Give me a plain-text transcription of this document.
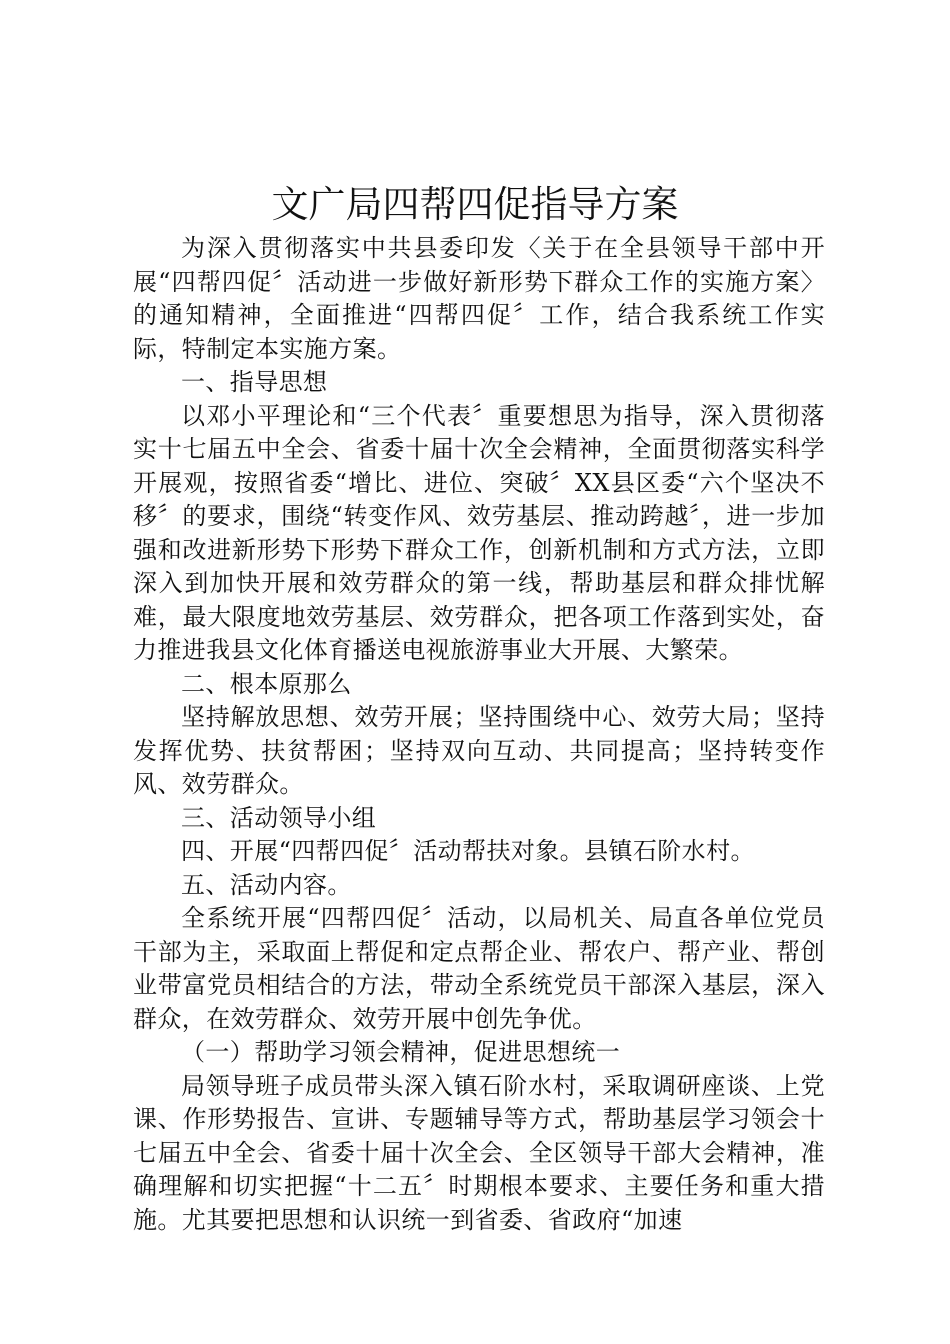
文广局四帮四促指导方案

为深入贯彻落实中共县委印发〈关于在全县领导干部中开展“四帮四促〞活动进一步做好新形势下群众工作的实施方案〉的通知精神，全面推进“四帮四促〞工作，结合我系统工作实际，特制定本实施方案。

一、指导思想

以邓小平理论和“三个代表〞重要想思为指导，深入贯彻落实十七届五中全会、省委十届十次全会精神，全面贯彻落实科学开展观，按照省委“增比、进位、突破〞XX县区委“六个坚决不移〞的要求，围绕“转变作风、效劳基层、推动跨越〞，进一步加强和改进新形势下形势下群众工作，创新机制和方式方法，立即深入到加快开展和效劳群众的第一线，帮助基层和群众排忧解难，最大限度地效劳基层、效劳群众，把各项工作落到实处，奋力推进我县文化体育播送电视旅游事业大开展、大繁荣。

二、根本原那么

坚持解放思想、效劳开展；坚持围绕中心、效劳大局；坚持发挥优势、扶贫帮困；坚持双向互动、共同提高；坚持转变作风、效劳群众。

三、活动领导小组

四、开展“四帮四促〞活动帮扶对象。县镇石阶水村。

五、活动内容。

全系统开展“四帮四促〞活动，以局机关、局直各单位党员干部为主，采取面上帮促和定点帮企业、帮农户、帮产业、帮创业带富党员相结合的方法，带动全系统党员干部深入基层，深入群众，在效劳群众、效劳开展中创先争优。

（一）帮助学习领会精神，促进思想统一

局领导班子成员带头深入镇石阶水村，采取调研座谈、上党课、作形势报告、宣讲、专题辅导等方式，帮助基层学习领会十七届五中全会、省委十届十次全会、全区领导干部大会精神，准确理解和切实把握“十二五〞时期根本要求、主要任务和重大措施。尤其要把思想和认识统一到省委、省政府“加速
